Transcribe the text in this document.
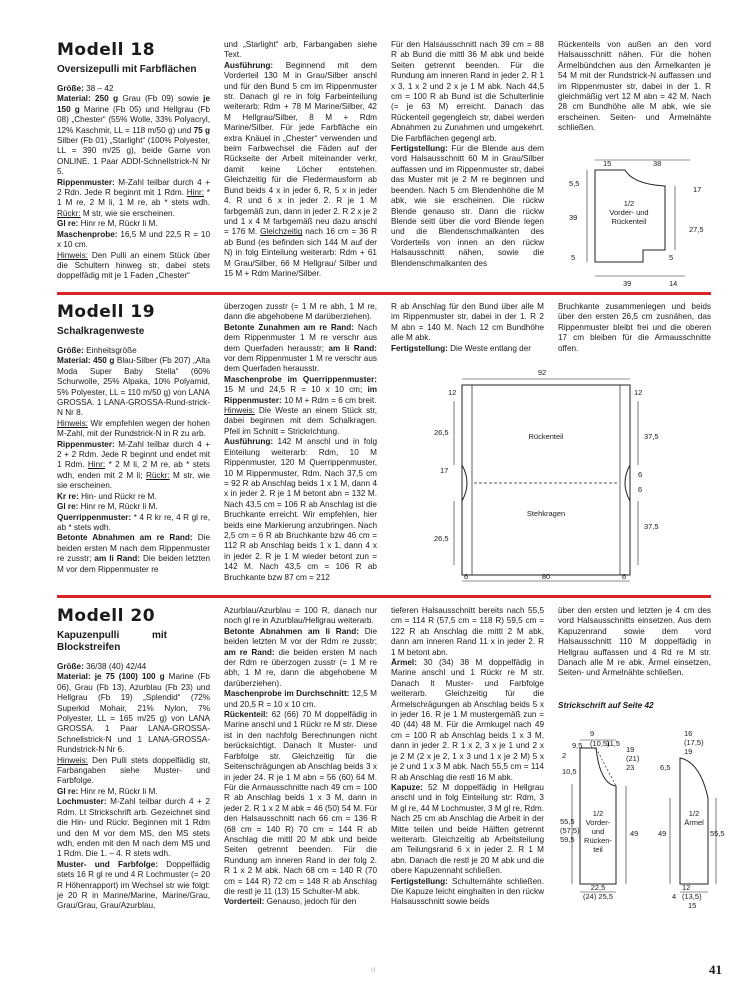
Modell 18
Oversizepulli mit Farbflächen

Größe: 38 – 42
Material: 250 g Grau (Fb 09) sowie je 150 g Marine (Fb 05) und Hellgrau (Fb 08) „Chester“ (55% Wolle, 33% Polyacryl, 12% Kaschmir, LL = 118 m/50 g) und 75 g Silber (Fb 01) „Starlight“ (100% Polyester, LL = 390 m/25 g), beide Garne von ONLINE. 1 Paar ADDI-Schnellstrick-N Nr 5.
Rippenmuster: M-Zahl teilbar durch 4 + 2 Rdn. Jede R beginnt mit 1 Rdm. Hinr: * 1 M re, 2 M li, 1 M re, ab * stets wdh. Rückr: M str, wie sie erscheinen.
Gl re: Hinr re M, Rückr li M.
Maschenprobe: 16,5 M und 22,5 R = 10 x 10 cm.
Hinweis: Den Pulli an einem Stück über die Schultern hinweg str, dabei stets doppelfädig mit je 1 Faden „Chester“

und „Starlight“ arb, Farbangaben siehe Text.
Ausführung: Beginnend mit dem Vorderteil 130 M in Grau/Silber anschl und für den Bund 5 cm im Rippenmuster str. Danach gl re in folg Farbeinteilung weiterarb: Rdm + 78 M Marine/Silber, 42 M Hellgrau/Silber, 8 M + Rdm Marine/Silber. Für jede Farbfläche ein extra Knäuel in „Chester“ verwenden und beim Farbwechsel die Fäden auf der Rückseite der Arbeit miteinander verkr, damit keine Löcher entstehen. Gleichzeitig für die Fledermausform ab Bund beids 4 x in jeder 6, R, 5 x in jeder 4. R und 6 x in jeder 2. R je 1 M farbgemäß zun, dann in jeder 2. R 2 x je 2 und 1 x 4 M farbgemäß neu dazu anschl = 176 M. Gleichzeitig nach 16 cm = 36 R ab Bund (es befinden sich 144 M auf der N) in folg Einteilung weiterarb: Rdm + 61 M Grau/Silber, 66 M Hellgrau/ Silber und 15 M + Rdm Marine/Silber.

Für den Halsausschnitt nach 39 cm = 88 R ab Bund die mittl 36 M abk und beide Seiten getrennt beenden. Für die Rundung am inneren Rand in jeder 2. R 1 x 3, 1 x 2 und 2 x je 1 M abk. Nach 44,5 cm = 100 R ab Bund ist die Schulterlinie (= je 63 M) erreicht. Danach das Rückenteil gegengleich str, dabei werden Abnahmen zu Zunahmen und umgekehrt. Die Farbflächen gegengl arb.
Fertigstellung: Für die Blende aus dem vord Halsausschnitt 60 M in Grau/Silber auffassen und im Rippenmuster str, dabei das Muster mit je 2 M re beginnen und beenden. Nach 5 cm Blendenhöhe die M abk, wie sie erscheinen. Die rückw Blende genauso str. Dann die rückw Blende seitl über die vord Blende legen und die Blendenschmalkanten des Vorderteils von innen an den rückw Halsausschnitt nähen, sowie die Blendenschmalkanten des

Rückenteils von außen an den vord Halsausschnitt nähen. Für die hohen Ärmelbündchen aus den Ärmelkanten je 54 M mit der Rundstrick-N auffassen und im Rippenmuster str, dabei in der 1. R gleichmäßig vert 12 M abn = 42 M. Nach 28 cm Bundhöhe alle M abk, wie sie erscheinen. Seiten- und Ärmelnähte schließen.

15	38
5,5
17
39
27,5
1/2
Vorder- und
Rückenteil
5	5
39	14
Modell 19
Schalkragenweste

Größe: Einheitsgröße
Material: 450 g Blau-Silber (Fb 207) „Alta Moda Super Baby Stella“ (60% Schurwolle, 25% Alpaka, 10% Polyamid, 5% Polyester, LL = 110 m/50 g) von LANA GROSSA. 1 LANA-GROSSA-Rund-strick-N Nr 8.
Hinweis: Wir empfehlen wegen der hohen M-Zahl, mit der Rundstrick-N in R zu arb.
Rippenmuster: M-Zahl teilbar durch 4 + 2 + 2 Rdm. Jede R beginnt und endet mit 1 Rdm. Hinr: * 2 M li, 2 M re, ab * stets wdh, enden mit 2 M li; Rückr: M str, wie sie erscheinen.
Kr re: Hin- und Rückr re M.
Gl re: Hinr re M, Rückr li M.
Querrippenmuster: * 4 R kr re, 4 R gl re, ab * stets wdh.
Betonte Abnahmen am re Rand: Die beiden ersten M nach dem Rippenmuster re zusstr; am li Rand: Die beiden letzten M vor dem Rippenmuster re

überzogen zusstr (= 1 M re abh, 1 M re, dann die abgehobene M darüberziehen).
Betonte Zunahmen am re Rand: Nach dem Rippenmuster 1 M re verschr aus dem Querfaden herausstr; am li Rand: vor dem Rippenmuster 1 M re verschr aus dem Querfaden herausstr.
Maschenprobe im Querrippenmuster: 15 M und 24,5 R = 10 x 10 cm; im Rippenmuster: 10 M + Rdm = 6 cm breit.
Hinweis: Die Weste an einem Stück str, dabei beginnen mit dem Schalkragen. Pfeil im Schnitt = Strickrichtung.
Ausführung: 142 M anschl und in folg Einteilung weiterarb: Rdm, 10 M Rippenmuster, 120 M Querrippenmuster, 10 M Rippenmuster, Rdm. Nach 37,5 cm = 92 R ab Anschlag beids 1 x 1 M, dann 4 x in jeder 2. R je 1 M betont abn = 132 M. Nach 43,5 cm = 106 R ab Anschlag ist die Bruchkante erreicht. Wir empfehlen, hier beids eine Markierung anzubringen. Nach 2,5 cm = 6 R ab Bruchkante bzw 46 cm = 112 R ab Anschlag beids 1 x 1, dann 4 x in jeder 2. R je 1 M wieder betont zun = 142 M. Nach 43,5 cm = 106 R ab Bruchkante bzw 87 cm = 212

R ab Anschlag für den Bund über alle M im Rippenmuster str, dabei in der 1. R 2 M abn = 140 M. Nach 12 cm Bundhöhe alle M abk.
Fertigstellung: Die Weste entlang der

Bruchkante zusammenlegen und beids über den ersten 26,5 cm zusnähen, das Rippenmuster bleibt frei und die oberen 17 cm bleiben für die Armausschnitte offen.

92
12	12
26,5	37,5
Rückenteil
17	6
6
Stehkragen
37,5
26,5
6	80	6
Modell 20
Kapuzenpulli mit Blockstreifen

Größe: 36/38 (40) 42/44
Material: je 75 (100) 100 g Marine (Fb 06), Grau (Fb 13), Azurblau (Fb 23) und Hellgrau (Fb 19) „Splendid“ (72% Superkid Mohair, 21% Nylon, 7% Polyester, LL = 165 m/25 g) von LANA GROSSA. 1 Paar LANA-GROSSA-Schnellstrick-N und 1 LANA-GROSSA-Rundstrick-N Nr 6.
Hinweis: Den Pulli stets doppelfädig str, Farbangaben siehe Muster- und Farbfolge.
Gl re: Hinr re M, Rückr li M.
Lochmuster: M-Zahl teilbar durch 4 + 2 Rdm. Lt Strickschrift arb. Gezeichnet sind die Hin- und Rückr. Beginnen mit 1 Rdm und den M vor dem MS, den MS stets wdh, enden mit den M nach dem MS und 1 Rdm. Die 1. – 4. R stets wdh.
Muster- und Farbfolge: Doppelfädig stets 16 R gl re und 4 R Lochmuster (= 20 R Höhenrapport) im Wechsel str wie folgt: je 20 R in Marine/Marine, Marine/Grau, Grau/Grau, Grau/Azurblau,

Azurblau/Azurblau = 100 R, danach nur noch gl re in Azurblau/Hellgrau weiterarb.
Betonte Abnahmen am li Rand: Die beiden letzten M vor der Rdm re zusstr; am re Rand: die beiden ersten M nach der Rdm re überzogen zusstr (= 1 M re abh, 1 M re, dann die abgehobene M darüberziehen).
Maschenprobe im Durchschnitt: 12,5 M und 20,5 R = 10 x 10 cm.
Rückenteil: 62 (66) 70 M doppelfädig in Marine anschl und 1 Rückr re M str. Diese ist in den nachfolg Berechnungen nicht berücksichtigt. Danach lt Muster- und Farbfolge str. Gleichzeitig für die Seitenschrägungen ab Anschlag beids 3 x in jeder 24. R je 1 M abn = 56 (60) 64 M. Für die Armausschnitte nach 49 cm = 100 R ab Anschlag beids 1 x 3 M, dann in jeder 2. R 1 x 2 M abk = 46 (50) 54 M. Für den Halsausschnitt nach 66 cm = 136 R (68 cm = 140 R) 70 cm = 144 R ab Anschlag die mittl 20 M abk und beide Seiten getrennt beenden. Für die Rundung am inneren Rand in der folg 2. R 1 x 2 M abk. Nach 68 cm = 140 R (70 cm = 144 R) 72 cm = 148 R ab Anschlag die restl je 11 (13) 15 Schulter-M abk.
Vorderteil: Genauso, jedoch für den

tieferen Halsausschnitt bereits nach 55,5 cm = 114 R (57,5 cm = 118 R) 59,5 cm = 122 R ab Anschlag die mittl 2 M abk, dann am inneren Rand 11 x in jeder 2. R 1 M betont abn.
Ärmel: 30 (34) 38 M doppelfädig in Marine anschl und 1 Rückr re M str. Danach lt Muster- und Farbfolge weiterarb. Gleichzeitig für die Ärmelschrägungen ab Anschlag beids 5 x in jeder 16. R je 1 M mustergemäß zun = 40 (44) 48 M. Für die Armkugel nach 49 cm = 100 R ab Anschlag beids 1 x 3 M, dann in jeder 2. R 1 x 2, 3 x je 1 und 2 x je 2 M (2 x je 2, 1 x 3 und 1 x je 2 M) 5 x je 2 und 1 x 3 M abk. Nach 55,5 cm = 114 R ab Anschlag die restl 16 M abk.
Kapuze: 52 M doppelfädig in Hellgrau anschl und in folg Einteilung str: Rdm, 3 M gl re, 44 M Lochmuster, 3 M gl re, Rdm. Nach 25 cm ab Anschlag die Arbeit in der Mitte teilen und beide Hälften getrennt weiterarb. Gleichzeitig ab Arbeitsteilung am Teilungsrand 6 x in jeder 2. R 1 M abn. Danach die restl je 20 M abk und die obere Kapuzennaht schließen.
Fertigstellung: Schulternähte schließen. Die Kapuze leicht einghalten in den rückw Halsausschnitt sowie beids

über den ersten und letzten je 4 cm des vord Halsausschnitts einsetzen. Aus dem Kapuzenrand sowie dem vord Halsausschnitt 110 M doppelfädig in Hellgrau auffassen und 4 Rd re M str. Danach alle M re abk. Ärmel einsetzen, Seiten- und Ärmelnähte schließen.

Strickschrift auf Seite 42
9
9,5 (10,5)
11,5
2
10,5
19
(21)
23
16
(17,5)
19
6,5
55,5
(57,5)
59,5
1/2
Vorder-
und
Rücken-
teil
49	49
1/2
Ärmel
55,5
22,5
(24) 25,5
12
4 (13,5)
15
o	41
